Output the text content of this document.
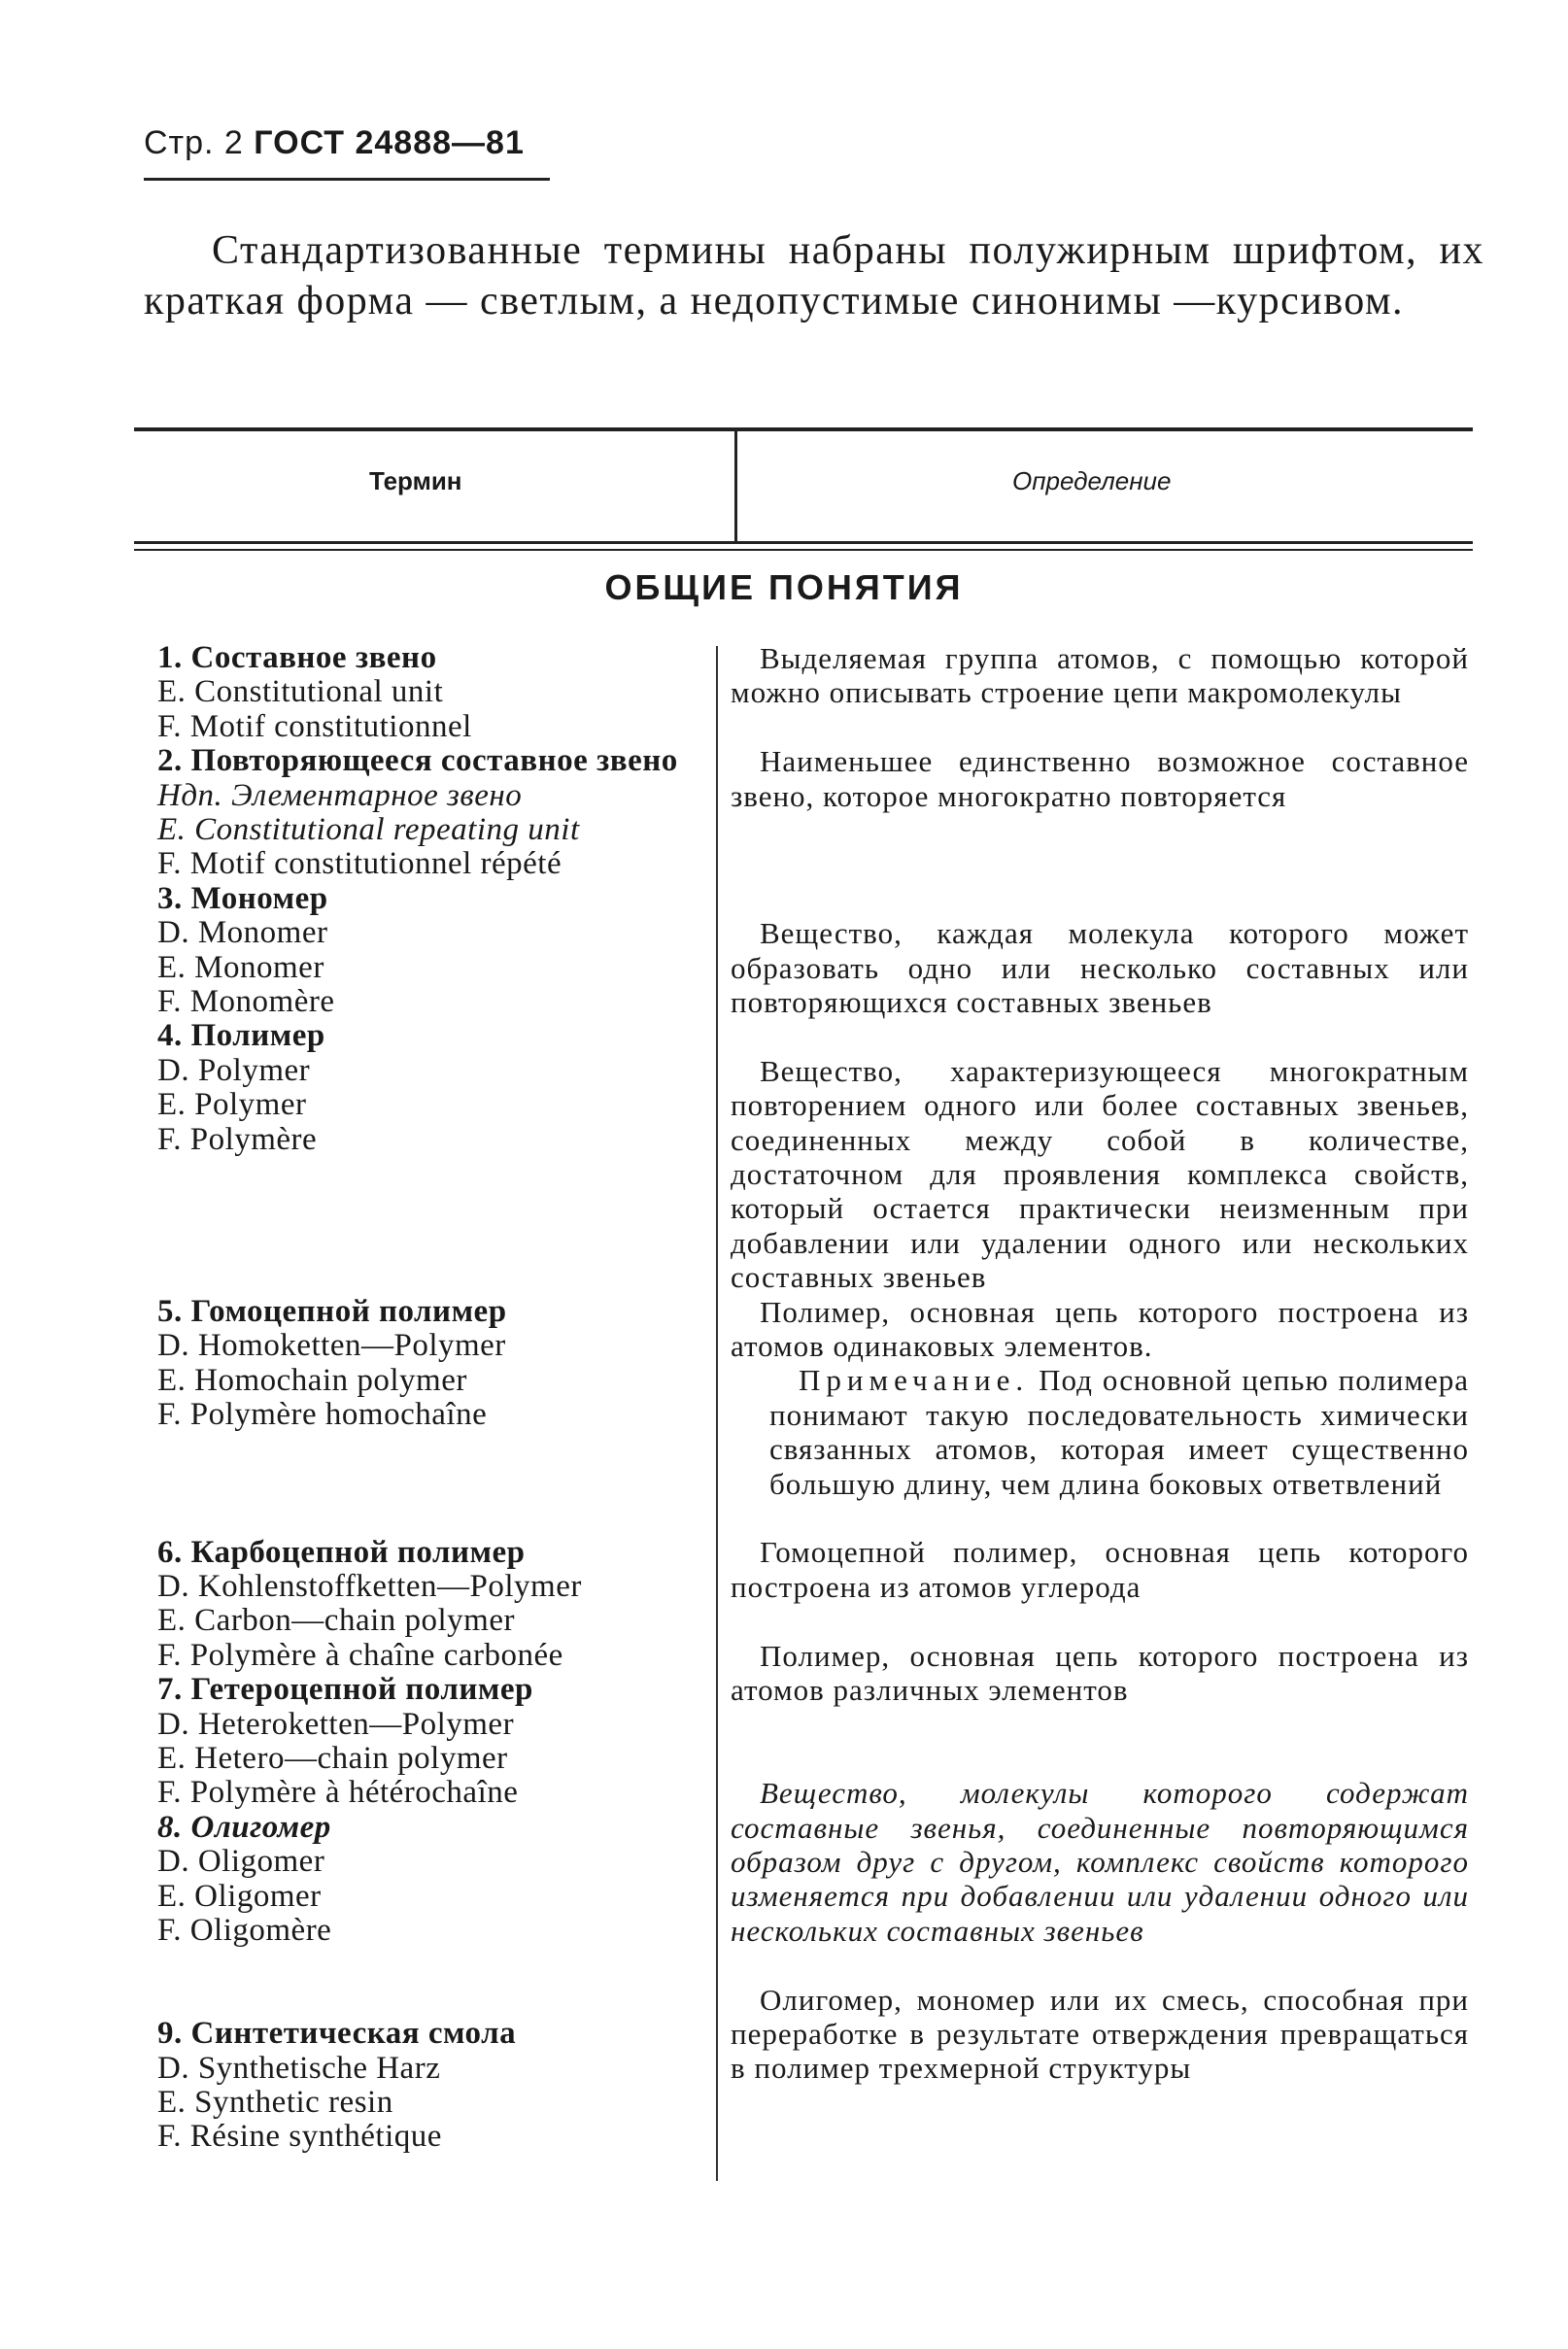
Стр. 2 ГОСТ 24888—81
Стандартизованные термины набраны полужирным шрифтом, их краткая форма — светлым, а недопустимые синонимы —курсивом.
Термин	Определение
ОБЩИЕ ПОНЯТИЯ
1. Составное звено
E. Constitutional unit
F. Motif constitutionnel
2. Повторяющееся составное звено
Ндп. Элементарное звено
E. Constitutional repeating unit
F. Motif constitutionnel répété
3. Мономер
D. Monomer
E. Monomer
F. Monomère
4. Полимер
D. Polymer
E. Polymer
F. Polymère
5. Гомоцепной полимер
D. Homoketten—Polymer
E. Homochain polymer
F. Polymère homochaîne
6. Карбоцепной полимер
D. Kohlenstoffketten—Polymer
E. Carbon—chain polymer
F. Polymère à chaîne carbonée
7. Гетероцепной полимер
D. Heteroketten—Polymer
E. Hetero—chain polymer
F. Polymère à hétérochaîne
8. Олигомер
D. Oligomer
E. Oligomer
F. Oligomère
9. Синтетическая смола
D. Synthetische Harz
E. Synthetic resin
F. Résine synthétique
Выделяемая группа атомов, с помощью которой можно описывать строение цепи макромолекулы
Наименьшее единственно возможное составное звено, которое многократно повторяется
Вещество, каждая молекула которого может образовать одно или несколько составных или повторяющихся составных звеньев
Вещество, характеризующееся многократным повторением одного или более составных звеньев, соединенных между собой в количестве, достаточном для проявления комплекса свойств, который остается практически неизменным при добавлении или удалении одного или нескольких составных звеньев
Полимер, основная цепь которого построена из атомов одинаковых элементов.
Примечание. Под основной цепью полимера понимают такую последовательность химически связанных атомов, которая имеет существенно большую длину, чем длина боковых ответвлений
Гомоцепной полимер, основная цепь которого построена из атомов углерода
Полимер, основная цепь которого построена из атомов различных элементов
Вещество, молекулы которого содержат составные звенья, соединенные повторяющимся образом друг с другом, комплекс свойств которого изменяется при добавлении или удалении одного или нескольких составных звеньев
Олигомер, мономер или их смесь, способная при переработке в результате отверждения превращаться в полимер трехмерной структуры
